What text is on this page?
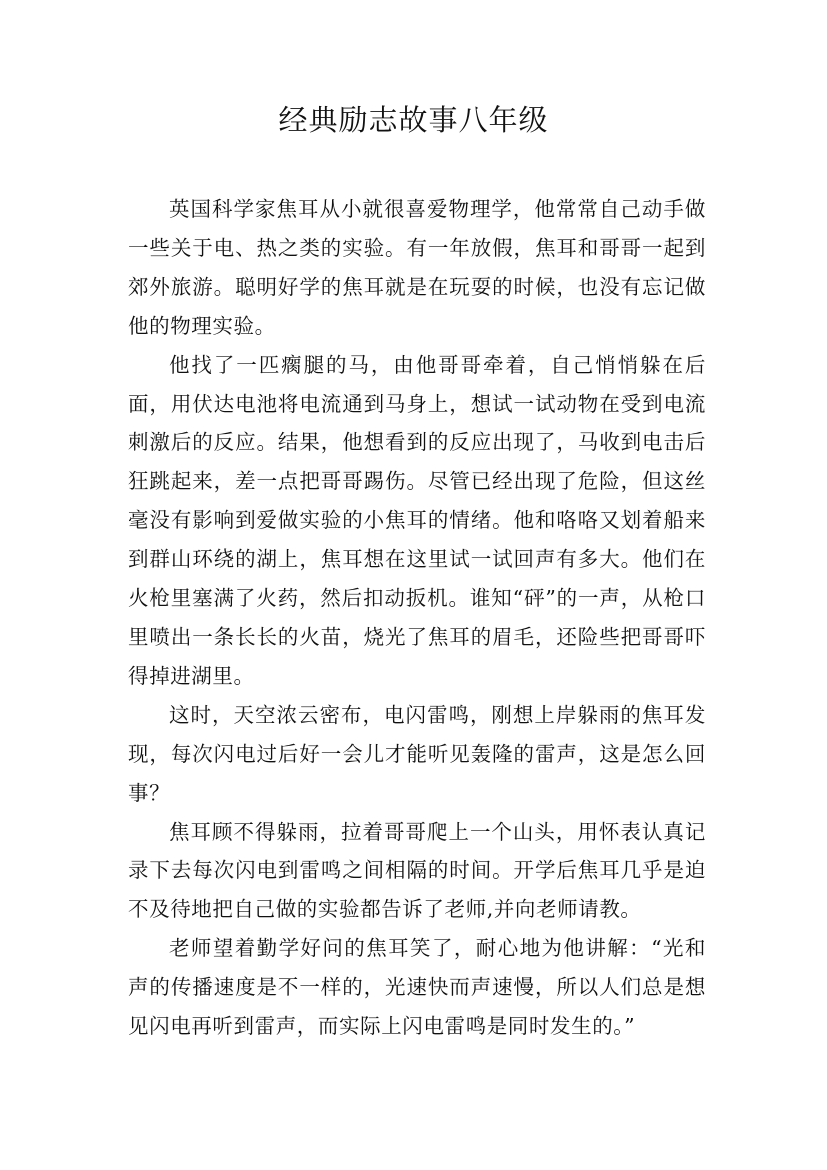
经典励志故事八年级

英国科学家焦耳从小就很喜爱物理学，他常常自己动手做一些关于电、热之类的实验。有一年放假，焦耳和哥哥一起到郊外旅游。聪明好学的焦耳就是在玩耍的时候，也没有忘记做他的物理实验。

他找了一匹瘸腿的马，由他哥哥牵着，自己悄悄躲在后面，用伏达电池将电流通到马身上，想试一试动物在受到电流刺激后的反应。结果，他想看到的反应出现了，马收到电击后狂跳起来，差一点把哥哥踢伤。尽管已经出现了危险，但这丝毫没有影响到爱做实验的小焦耳的情绪。他和咯咯又划着船来到群山环绕的湖上，焦耳想在这里试一试回声有多大。他们在火枪里塞满了火药，然后扣动扳机。谁知“砰”的一声，从枪口里喷出一条长长的火苗，烧光了焦耳的眉毛，还险些把哥哥吓得掉进湖里。

这时，天空浓云密布，电闪雷鸣，刚想上岸躲雨的焦耳发现，每次闪电过后好一会儿才能听见轰隆的雷声，这是怎么回事？

焦耳顾不得躲雨，拉着哥哥爬上一个山头，用怀表认真记录下去每次闪电到雷鸣之间相隔的时间。开学后焦耳几乎是迫不及待地把自己做的实验都告诉了老师,并向老师请教。

老师望着勤学好问的焦耳笑了，耐心地为他讲解：“光和声的传播速度是不一样的，光速快而声速慢，所以人们总是想见闪电再听到雷声，而实际上闪电雷鸣是同时发生的。”
